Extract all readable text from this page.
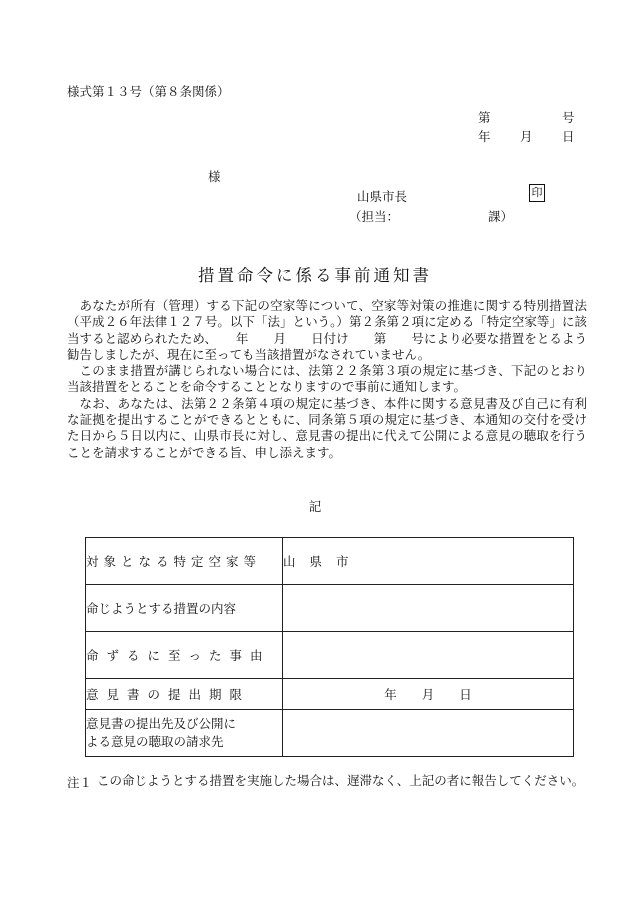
様式第１３号（第８条関係）
第	号
年 月 日
様
山県市長	印
（担当：	課）
措置命令に係る事前通知書

あなたが所有（管理）する下記の空家等について、空家等対策の推進に関する特別措置法（平成２６年法律１２７号。以下「法」という。）第２条第２項に定める「特定空家等」に該当すると認められたため、　　年　　月　　日付け　　第　　号により必要な措置をとるよう勧告しましたが、現在に至っても当該措置がなされていません。

このまま措置が講じられない場合には、法第２２条第３項の規定に基づき、下記のとおり当該措置をとることを命令することとなりますので事前に通知します。

なお、あなたは、法第２２条第４項の規定に基づき、本件に関する意見書及び自己に有利な証拠を提出することができるとともに、同条第５項の規定に基づき、本通知の交付を受けた日から５日以内に、山県市長に対し、意見書の提出に代えて公開による意見の聴取を行うことを請求することができる旨、申し添えます。

記
対象となる特定空家等	山 県 市
命じようとする措置の内容	
命ずるに至った事由	
意見書の提出期限	年　　月　　日

意見書の提出先及び公開に
よる意見の聴取の請求先	

注１ この命じようとする措置を実施した場合は、遅滞なく、上記の者に報告してください。
